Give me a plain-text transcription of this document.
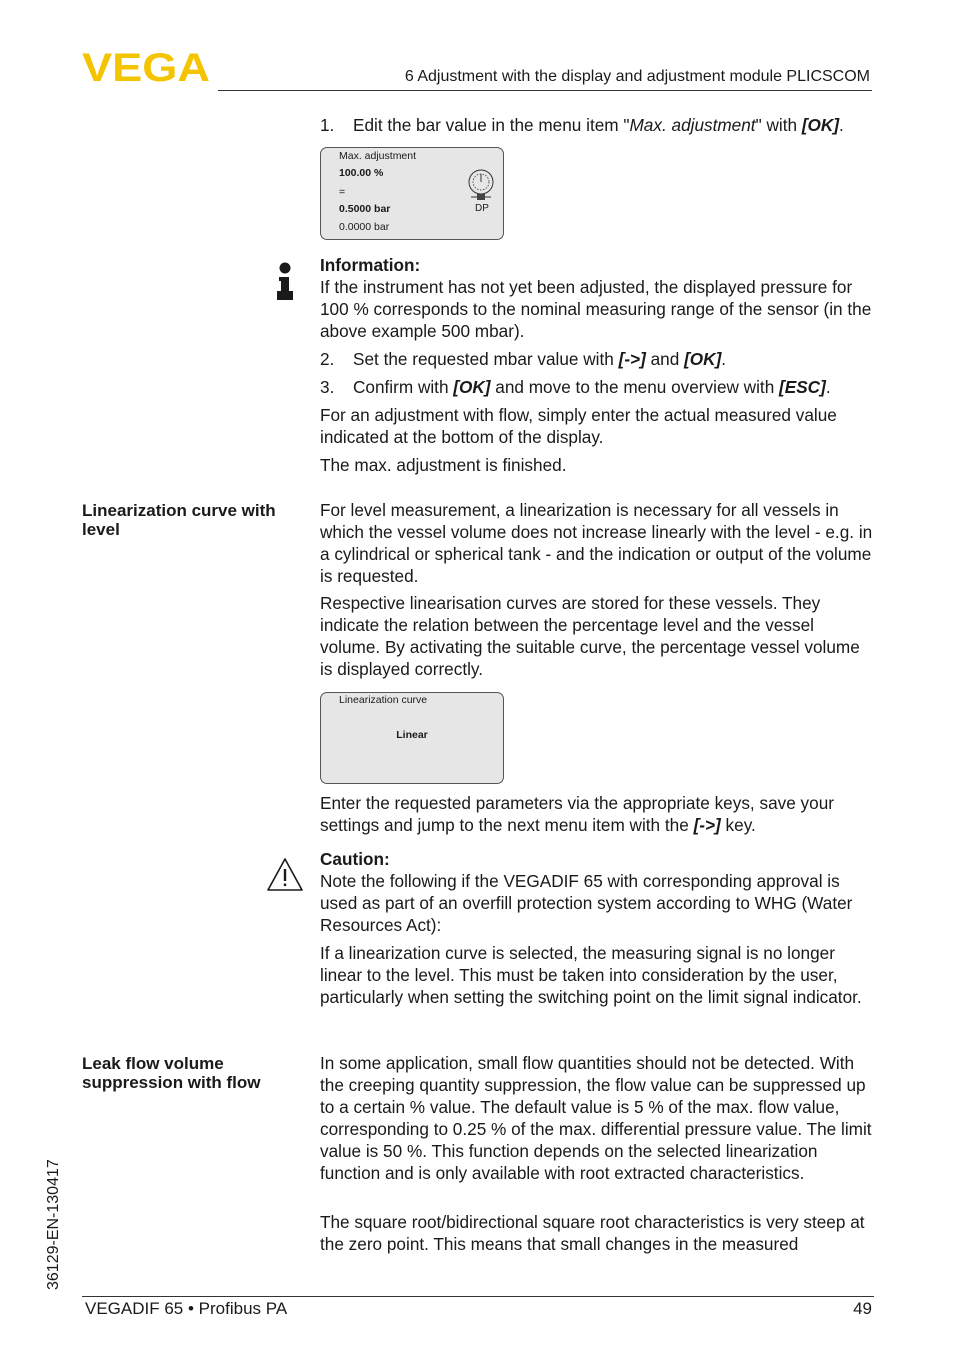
VEGA	6 Adjustment with the display and adjustment module PLICSCOM
1. Edit the bar value in the menu item "Max. adjustment" with [OK].
Max. adjustment
100.00 %
=
0.5000 bar
0.0000 bar
DP

Information:

If the instrument has not yet been adjusted, the displayed pressure for 100 % corresponds to the nominal measuring range of the sensor (in the above example 500 mbar).

2. Set the requested mbar value with [->] and [OK].
3. Confirm with [OK] and move to the menu overview with [ESC].
For an adjustment with flow, simply enter the actual measured value indicated at the bottom of the display.
The max. adjustment is finished.
Linearization curve with level
For level measurement, a linearization is necessary for all vessels in which the vessel volume does not increase linearly with the level - e.g. in a cylindrical or spherical tank - and the indication or output of the volume is requested.
Respective linearisation curves are stored for these vessels. They indicate the relation between the percentage level and the vessel volume. By activating the suitable curve, the percentage vessel volume is displayed correctly.
Linearization curve
Linear
Enter the requested parameters via the appropriate keys, save your settings and jump to the next menu item with the [->] key.

Caution:

Note the following if the VEGADIF 65 with corresponding approval is used as part of an overfill protection system according to WHG (Water Resources Act):

If a linearization curve is selected, the measuring signal is no longer linear to the level. This must be taken into consideration by the user, particularly when setting the switching point on the limit signal indicator.
Leak flow volume suppression with flow
In some application, small flow quantities should not be detected. With the creeping quantity suppression, the flow value can be suppressed up to a certain % value. The default value is 5 % of the max. flow value, corresponding to 0.25 % of the max. differential pressure value. The limit value is 50 %. This function depends on the selected linearization function and is only available with root extracted characteristics.
The square root/bidirectional square root characteristics is very steep at the zero point. This means that small changes in the measured
36129-EN-130417
VEGADIF 65 • Profibus PA	49
